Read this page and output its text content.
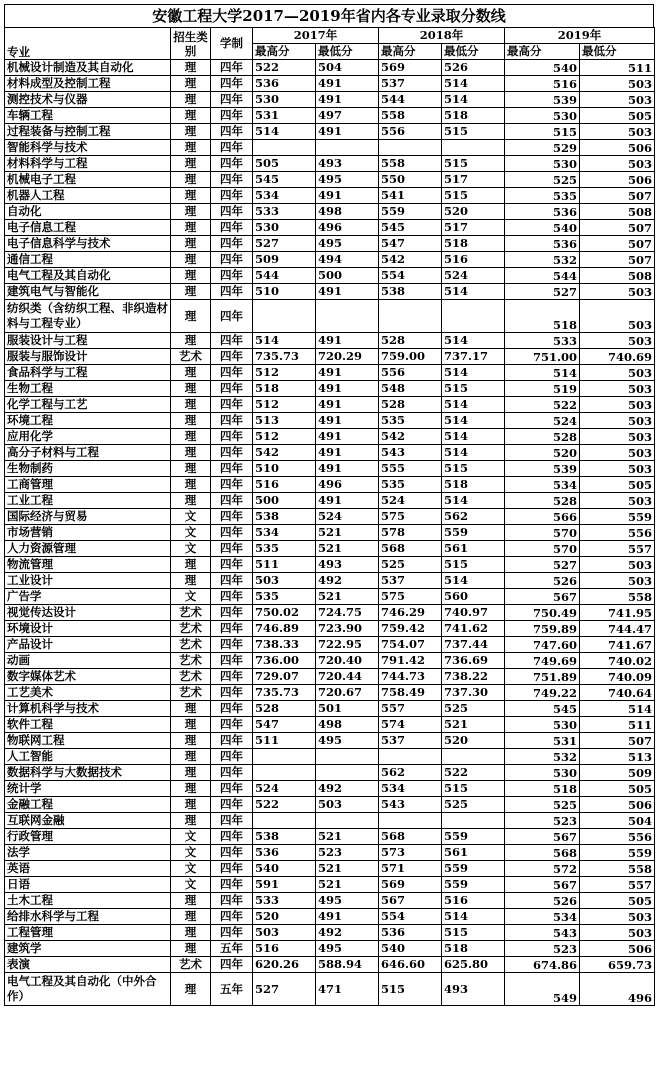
安徽工程大学2017—2019年省内各专业录取分数线
专业	招生类别	学制	2017年		2018年		2019年	
			最高分	最低分	最高分	最低分	最高分	最低分
机械设计制造及其自动化	理	四年	522	504	569	526	540	511
材料成型及控制工程	理	四年	536	491	537	514	516	503
测控技术与仪器	理	四年	530	491	544	514	539	503
车辆工程	理	四年	531	497	558	518	530	505
过程装备与控制工程	理	四年	514	491	556	515	515	503
智能科学与技术	理	四年					529	506
材料科学与工程	理	四年	505	493	558	515	530	503
机械电子工程	理	四年	545	495	550	517	525	506
机器人工程	理	四年	534	491	541	515	535	507
自动化	理	四年	533	498	559	520	536	508
电子信息工程	理	四年	530	496	545	517	540	507
电子信息科学与技术	理	四年	527	495	547	518	536	507
通信工程	理	四年	509	494	542	516	532	507
电气工程及其自动化	理	四年	544	500	554	524	544	508
建筑电气与智能化	理	四年	510	491	538	514	527	503
纺织类（含纺织工程、非织造材料与工程专业）	理	四年					518	503
服装设计与工程	理	四年	514	491	528	514	533	503
服装与服饰设计	艺术	四年	735.73	720.29	759.00	737.17	751.00	740.69
食品科学与工程	理	四年	512	491	556	514	514	503
生物工程	理	四年	518	491	548	515	519	503
化学工程与工艺	理	四年	512	491	528	514	522	503
环境工程	理	四年	513	491	535	514	524	503
应用化学	理	四年	512	491	542	514	528	503
高分子材料与工程	理	四年	542	491	543	514	520	503
生物制药	理	四年	510	491	555	515	539	503
工商管理	理	四年	516	496	535	518	534	505
工业工程	理	四年	500	491	524	514	528	503
国际经济与贸易	文	四年	538	524	575	562	566	559
市场营销	文	四年	534	521	578	559	570	556
人力资源管理	文	四年	535	521	568	561	570	557
物流管理	理	四年	511	493	525	515	527	503
工业设计	理	四年	503	492	537	514	526	503
广告学	文	四年	535	521	575	560	567	558
视觉传达设计	艺术	四年	750.02	724.75	746.29	740.97	750.49	741.95
环境设计	艺术	四年	746.89	723.90	759.42	741.62	759.89	744.47
产品设计	艺术	四年	738.33	722.95	754.07	737.44	747.60	741.67
动画	艺术	四年	736.00	720.40	791.42	736.69	749.69	740.02
数字媒体艺术	艺术	四年	729.07	720.44	744.73	738.22	751.89	740.09
工艺美术	艺术	四年	735.73	720.67	758.49	737.30	749.22	740.64
计算机科学与技术	理	四年	528	501	557	525	545	514
软件工程	理	四年	547	498	574	521	530	511
物联网工程	理	四年	511	495	537	520	531	507
人工智能	理	四年					532	513
数据科学与大数据技术	理	四年			562	522	530	509
统计学	理	四年	524	492	534	515	518	505
金融工程	理	四年	522	503	543	525	525	506
互联网金融	理	四年					523	504
行政管理	文	四年	538	521	568	559	567	556
法学	文	四年	536	523	573	561	568	559
英语	文	四年	540	521	571	559	572	558
日语	文	四年	591	521	569	559	567	557
土木工程	理	四年	533	495	567	516	526	505
给排水科学与工程	理	四年	520	491	554	514	534	503
工程管理	理	四年	503	492	536	515	543	503
建筑学	理	五年	516	495	540	518	523	506
表演	艺术	四年	620.26	588.94	646.60	625.80	674.86	659.73
电气工程及其自动化（中外合作）	理	五年	527	471	515	493	549	496
